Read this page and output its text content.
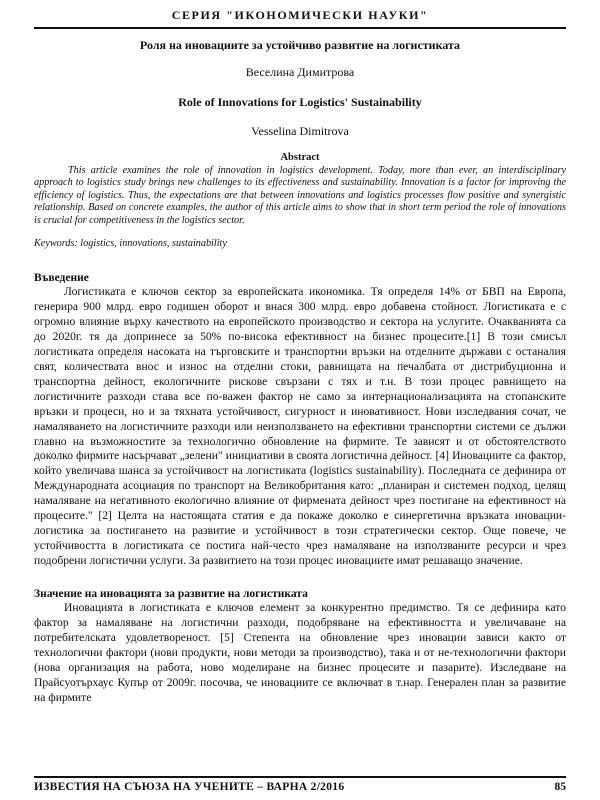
СЕРИЯ "ИКОНОМИЧЕСКИ НАУКИ"

Роля на иновациите за устойчиво развитие на логистиката

Веселина Димитрова

Role of Innovations for Logistics' Sustainability

Vesselina Dimitrova

Abstract

This article examines the role of innovation in logistics development. Today, more than ever, an interdisciplinary approach to logistics study brings new challenges to its effectiveness and sustainability. Innovation is a factor for improving the efficiency of logistics. Thus, the expectations are that between innovations and logistics processes flow positive and synergistic relationship. Based on concrete examples, the author of this article aims to show that in short term period the role of innovations is crucial for competitiveness in the logistics sector.

Keywords: logistics, innovations, sustainability

Въведение

Логистиката е ключов сектор за европейската икономика. Тя определя 14% от БВП на Европа, генерира 900 млрд. евро годишен оборот и внася 300 млрд. евро добавена стойност. Логистиката е с огромно влияние върху качеството на европейското производство и сектора на услугите. Очакванията са до 2020г. тя да допринесе за 50% по-висока ефективност на бизнес процесите.[1] В този смисъл логистиката определя насоката на търговските и транспортни връзки на отделните държави с останалия свят, количествата внос и износ на отделни стоки, равнищата на печалбата от дистрибуционна и транспортна дейност, екологичните рискове свързани с тях и т.н. В този процес равнището на логистичните разходи става все по-важен фактор не само за интернационализацията на стопанските връзки и процеси, но и за тяхната устойчивост, сигурност и иновативност. Нови изследвания сочат, че намаляването на логистичните разходи или неизползването на ефективни транспортни системи се дължи главно на възможностите за технологично обновление на фирмите. Те зависят и от обстоятелството доколко фирмите насърчават „зелени" инициативи в своята логистична дейност. [4] Иновациите са фактор, който увеличава шанса за устойчивост на логистиката (logistics sustainability). Последната се дефинира от Международната асоциация по транспорт на Великобритания като: „планиран и системен подход, целящ намаляване на негативното екологично влияние от фирмената дейност чрез постигане на ефективност на процесите." [2] Целта на настоящата статия е да покаже доколко е синергетична връзката иновации-логистика за постигането на развитие и устойчивост в този стратегически сектор. Още повече, че устойчивостта в логистиката се постига най-често чрез намаляване на използваните ресурси и чрез подобрени логистични услуги. За развитието на този процес иновациите имат решаващо значение.

Значение на иновацията за развитие на логистиката

Иновацията в логистиката е ключов елемент за конкурентно предимство. Тя се дефинира като фактор за намаляване на логистични разходи, подобряване на ефективността и увеличаване на потребителската удовлетвореност. [5] Степента на обновление чрез иновации зависи както от технологични фактори (нови продукти, нови методи за производство), така и от не-технологични фактори (нова организация на работа, ново моделиране на бизнес процесите и пазарите). Изследване на Прайсуотърхаус Купър от 2009г. посочва, че иновациите се включват в т.нар. Генерален план за развитие на фирмите

ИЗВЕСТИЯ НА СЪЮЗА НА УЧЕНИТЕ – ВАРНА 2/2016	85
